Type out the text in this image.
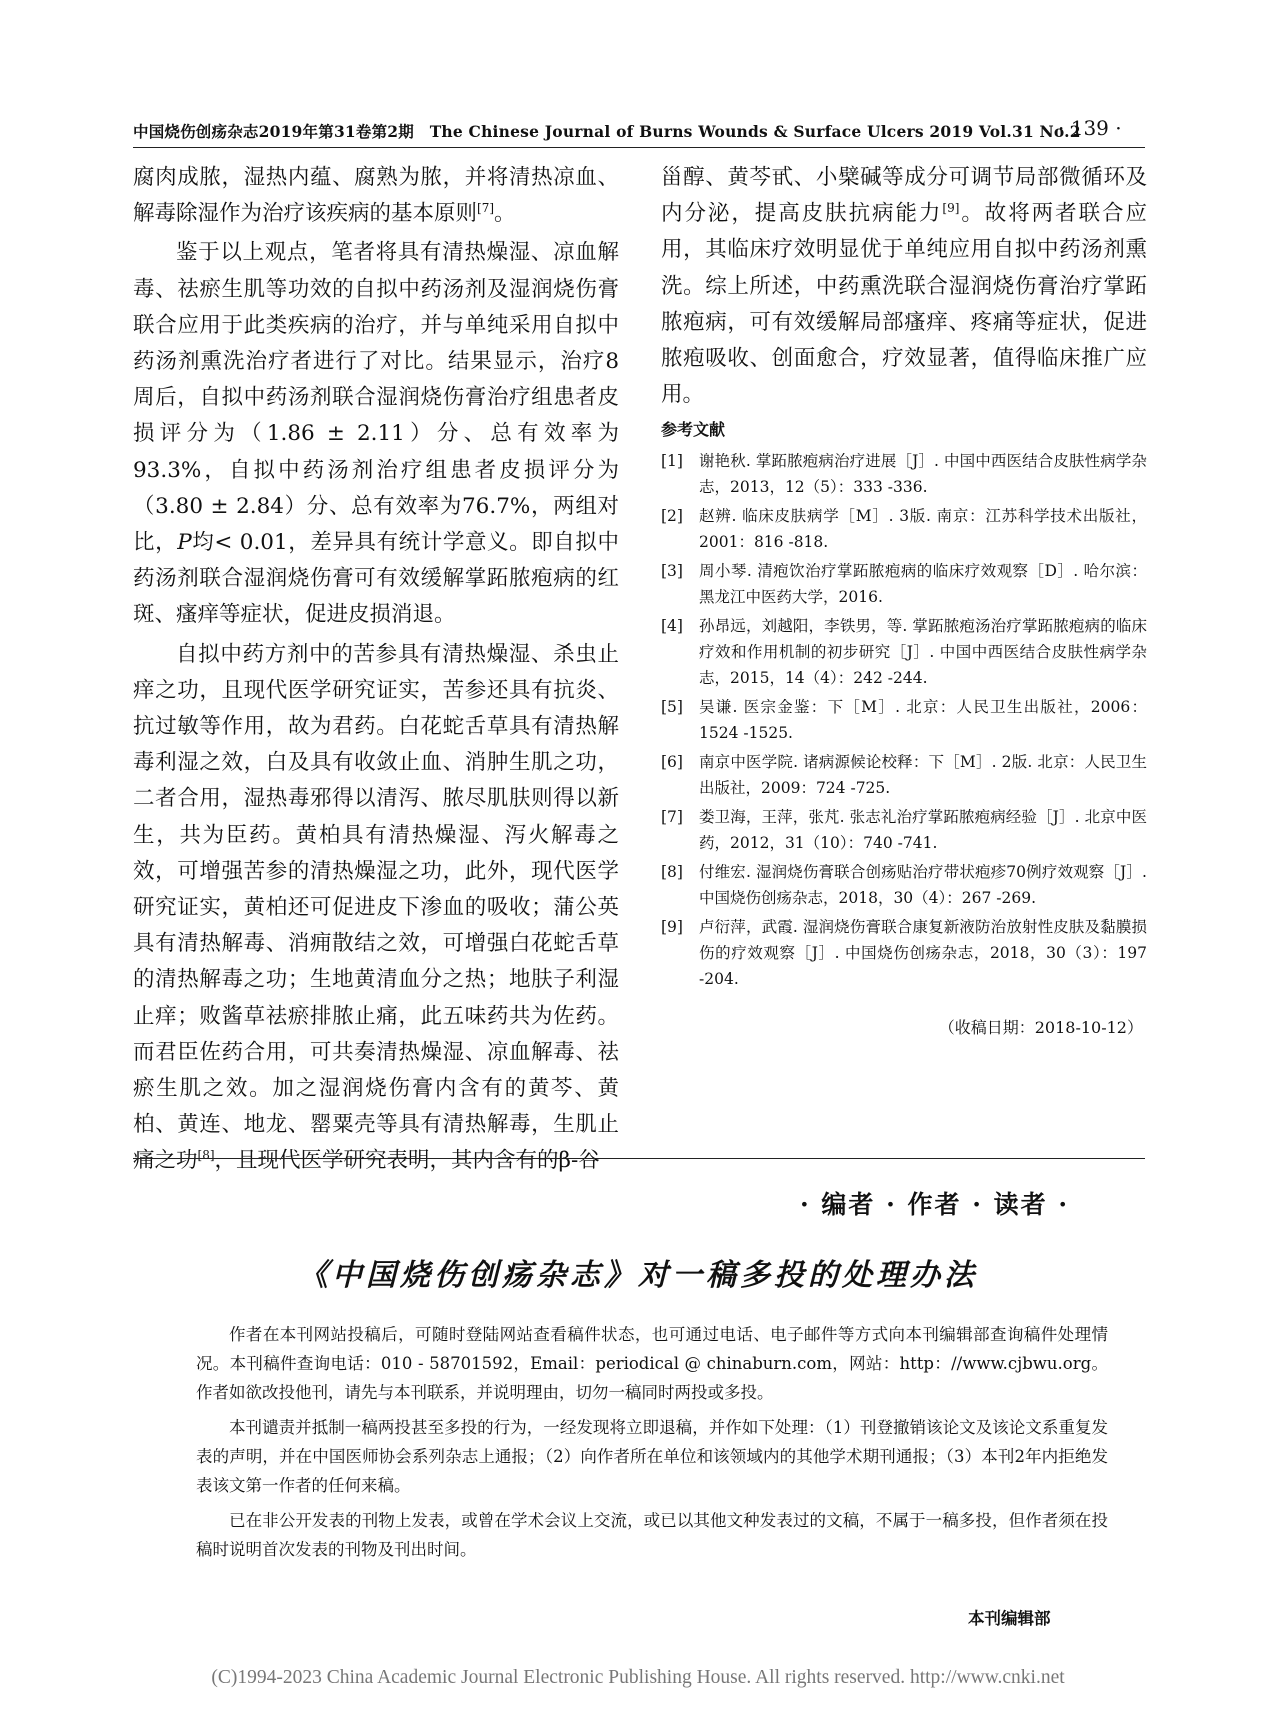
中国烧伤创疡杂志2019年第31卷第2期　The Chinese Journal of Burns Wounds & Surface Ulcers 2019 Vol.31 No.2
· 139 ·

腐肉成脓，湿热内蕴、腐熟为脓，并将清热凉血、解毒除湿作为治疗该疾病的基本原则[7]。

鉴于以上观点，笔者将具有清热燥湿、凉血解毒、祛瘀生肌等功效的自拟中药汤剂及湿润烧伤膏联合应用于此类疾病的治疗，并与单纯采用自拟中药汤剂熏洗治疗者进行了对比。结果显示，治疗8周后，自拟中药汤剂联合湿润烧伤膏治疗组患者皮损评分为（1.86 ± 2.11）分、总有效率为93.3%，自拟中药汤剂治疗组患者皮损评分为（3.80 ± 2.84）分、总有效率为76.7%，两组对比，P均< 0.01，差异具有统计学意义。即自拟中药汤剂联合湿润烧伤膏可有效缓解掌跖脓疱病的红斑、瘙痒等症状，促进皮损消退。

自拟中药方剂中的苦参具有清热燥湿、杀虫止痒之功，且现代医学研究证实，苦参还具有抗炎、抗过敏等作用，故为君药。白花蛇舌草具有清热解毒利湿之效，白及具有收敛止血、消肿生肌之功，二者合用，湿热毒邪得以清泻、脓尽肌肤则得以新生，共为臣药。黄柏具有清热燥湿、泻火解毒之效，可增强苦参的清热燥湿之功，此外，现代医学研究证实，黄柏还可促进皮下渗血的吸收；蒲公英具有清热解毒、消痈散结之效，可增强白花蛇舌草的清热解毒之功；生地黄清血分之热；地肤子利湿止痒；败酱草祛瘀排脓止痛，此五味药共为佐药。而君臣佐药合用，可共奏清热燥湿、凉血解毒、祛瘀生肌之效。加之湿润烧伤膏内含有的黄芩、黄柏、黄连、地龙、罂粟壳等具有清热解毒，生肌止痛之功[8]，且现代医学研究表明，其内含有的β-谷

甾醇、黄芩甙、小檗碱等成分可调节局部微循环及内分泌，提高皮肤抗病能力[9]。故将两者联合应用，其临床疗效明显优于单纯应用自拟中药汤剂熏洗。综上所述，中药熏洗联合湿润烧伤膏治疗掌跖脓疱病，可有效缓解局部瘙痒、疼痛等症状，促进脓疱吸收、创面愈合，疗效显著，值得临床推广应用。

参考文献
[1]	谢艳秋. 掌跖脓疱病治疗进展［J］. 中国中西医结合皮肤性病学杂志，2013，12（5）：333 -336.
[2]	赵辨. 临床皮肤病学［M］. 3版. 南京：江苏科学技术出版社，2001：816 -818.
[3]	周小琴. 清疱饮治疗掌跖脓疱病的临床疗效观察［D］. 哈尔滨：黑龙江中医药大学，2016.
[4]	孙昂远，刘越阳，李铁男，等. 掌跖脓疱汤治疗掌跖脓疱病的临床疗效和作用机制的初步研究［J］. 中国中西医结合皮肤性病学杂志，2015，14（4）：242 -244.
[5]	吴谦. 医宗金鉴：下［M］. 北京：人民卫生出版社，2006：1524 -1525.
[6]	南京中医学院. 诸病源候论校释：下［M］. 2版. 北京：人民卫生出版社，2009：724 -725.
[7]	娄卫海，王萍，张芃. 张志礼治疗掌跖脓疱病经验［J］. 北京中医药，2012，31（10）：740 -741.
[8]	付维宏. 湿润烧伤膏联合创疡贴治疗带状疱疹70例疗效观察［J］. 中国烧伤创疡杂志，2018，30（4）：267 -269.
[9]	卢衍萍，武霞. 湿润烧伤膏联合康复新液防治放射性皮肤及黏膜损伤的疗效观察［J］. 中国烧伤创疡杂志，2018，30（3）：197 -204.
（收稿日期：2018-10-12）
· 编者 · 作者 · 读者 ·
《中国烧伤创疡杂志》对一稿多投的处理办法

作者在本刊网站投稿后，可随时登陆网站查看稿件状态，也可通过电话、电子邮件等方式向本刊编辑部查询稿件处理情况。本刊稿件查询电话：010 - 58701592，Email：periodical @ chinaburn.com，网站：http：//www.cjbwu.org。作者如欲改投他刊，请先与本刊联系，并说明理由，切勿一稿同时两投或多投。

本刊谴责并抵制一稿两投甚至多投的行为，一经发现将立即退稿，并作如下处理：（1）刊登撤销该论文及该论文系重复发表的声明，并在中国医师协会系列杂志上通报；（2）向作者所在单位和该领域内的其他学术期刊通报；（3）本刊2年内拒绝发表该文第一作者的任何来稿。

已在非公开发表的刊物上发表，或曾在学术会议上交流，或已以其他文种发表过的文稿，不属于一稿多投，但作者须在投稿时说明首次发表的刊物及刊出时间。

本刊编辑部
(C)1994-2023 China Academic Journal Electronic Publishing House. All rights reserved. http://www.cnki.net
